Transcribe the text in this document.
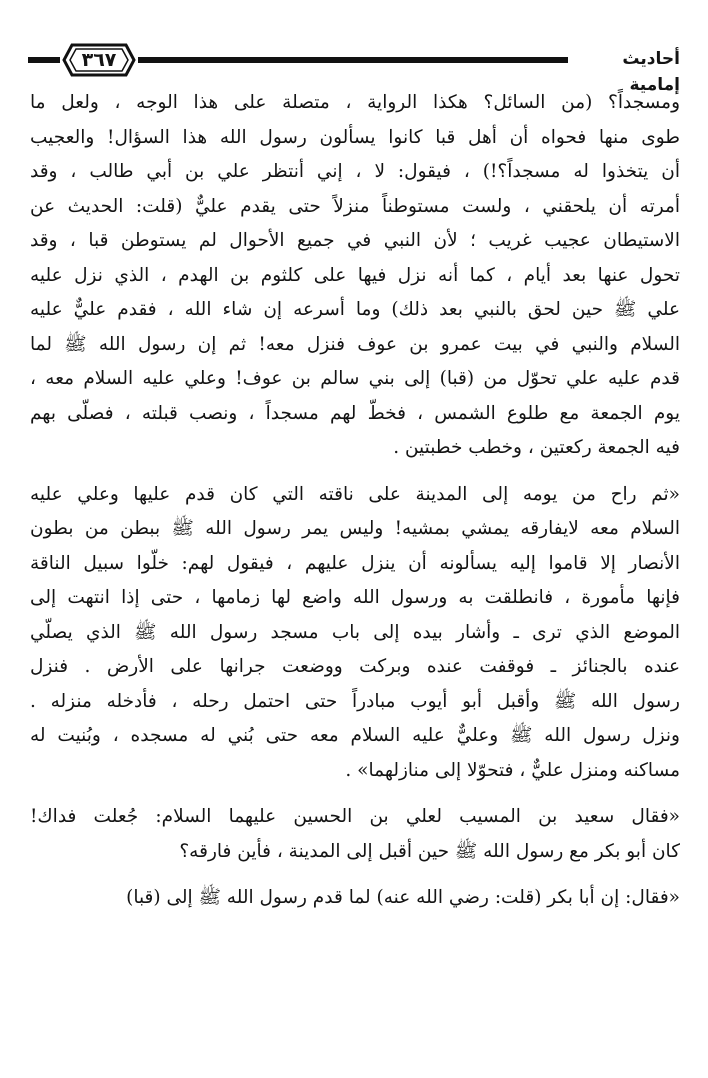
٣٦٧	أحاديث إمامية
ومسجداً؟ (من السائل؟ هكذا الرواية ، متصلة على هذا الوجه ، ولعل ما
طوى منها فحواه أن أهل قبا كانوا يسألون رسول الله هذا السؤال! والعجيب
أن يتخذوا له مسجداً؟!) ، فيقول: لا ، إني أنتظر علي بن أبي طالب ، وقد
أمرته أن يلحقني ، ولست مستوطناً منزلاً حتى يقدم عليٌّ (قلت: الحديث عن
الاستيطان عجيب غريب ؛ لأن النبي في جميع الأحوال لم يستوطن قبا ، وقد
تحول عنها بعد أيام ، كما أنه نزل فيها على كلثوم بن الهدم ، الذي نزل عليه
علي ﷺ حين لحق بالنبي بعد ذلك) وما أسرعه إن شاء الله ، فقدم عليٌّ عليه
السلام والنبي في بيت عمرو بن عوف فنزل معه! ثم إن رسول الله ﷺ لما
قدم عليه علي تحوّل من (قبا) إلى بني سالم بن عوف! وعلي عليه السلام معه ،
يوم الجمعة مع طلوع الشمس ، فخطّ لهم مسجداً ، ونصب قبلته ، فصلّى بهم
فيه الجمعة ركعتين ، وخطب خطبتين .
«ثم راح من يومه إلى المدينة على ناقته التي كان قدم عليها وعلي عليه
السلام معه لايفارقه يمشي بمشيه! وليس يمر رسول الله ﷺ ببطن من بطون
الأنصار إلا قاموا إليه يسألونه أن ينزل عليهم ، فيقول لهم: خلّوا سبيل الناقة
فإنها مأمورة ، فانطلقت به ورسول الله واضع لها زمامها ، حتى إذا انتهت إلى
الموضع الذي ترى ـ وأشار بيده إلى باب مسجد رسول الله ﷺ الذي يصلّي
عنده بالجنائز ـ فوقفت عنده وبركت ووضعت جرانها على الأرض . فنزل
رسول الله ﷺ وأقبل أبو أيوب مبادراً حتى احتمل رحله ، فأدخله منزله .
ونزل رسول الله ﷺ وعليٌّ عليه السلام معه حتى بُني له مسجده ، وبُنيت له
مساكنه ومنزل عليٌّ ، فتحوّلا إلى منازلهما» .
«فقال سعيد بن المسيب لعلي بن الحسين عليهما السلام: جُعلت فداك!
كان أبو بكر مع رسول الله ﷺ حين أقبل إلى المدينة ، فأين فارقه؟
«فقال: إن أبا بكر (قلت: رضي الله عنه) لما قدم رسول الله ﷺ إلى (قبا)
